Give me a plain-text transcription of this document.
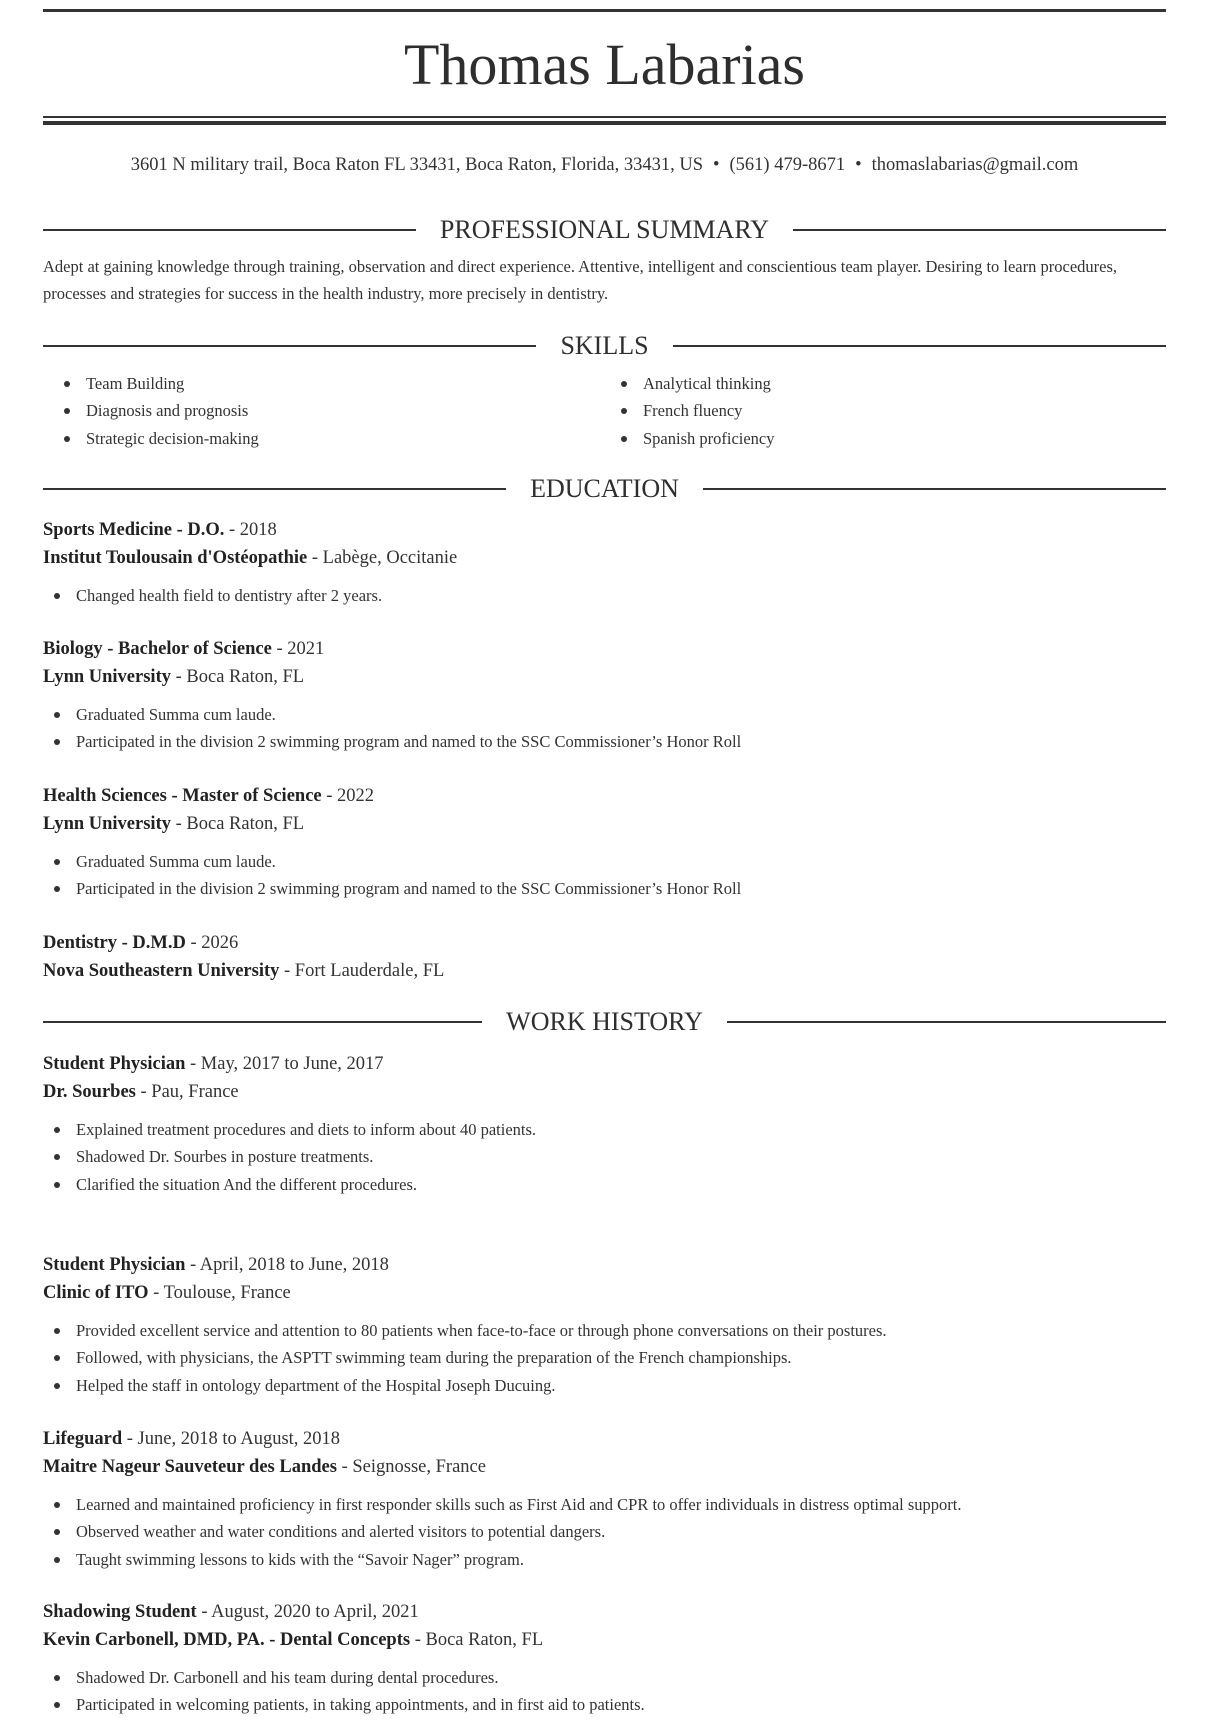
Thomas Labarias
3601 N military trail, Boca Raton FL 33431, Boca Raton, Florida, 33431, US • (561) 479-8671 • thomaslabarias@gmail.com
PROFESSIONAL SUMMARY

Adept at gaining knowledge through training, observation and direct experience. Attentive, intelligent and conscientious team player. Desiring to learn procedures, processes and strategies for success in the health industry, more precisely in dentistry.

SKILLS
Team Building
Diagnosis and prognosis
Strategic decision-making
Analytical thinking
French fluency
Spanish proficiency
EDUCATION
Sports Medicine - D.O. - 2018
Institut Toulousain d'Ostéopathie - Labège, Occitanie
Changed health field to dentistry after 2 years.
Biology - Bachelor of Science - 2021
Lynn University - Boca Raton, FL
Graduated Summa cum laude.
Participated in the division 2 swimming program and named to the SSC Commissioner’s Honor Roll
Health Sciences - Master of Science - 2022
Lynn University - Boca Raton, FL
Graduated Summa cum laude.
Participated in the division 2 swimming program and named to the SSC Commissioner’s Honor Roll
Dentistry - D.M.D - 2026
Nova Southeastern University - Fort Lauderdale, FL
WORK HISTORY
Student Physician - May, 2017 to June, 2017
Dr. Sourbes - Pau, France
Explained treatment procedures and diets to inform about 40 patients.
Shadowed Dr. Sourbes in posture treatments.
Clarified the situation And the different procedures.
Student Physician - April, 2018 to June, 2018
Clinic of ITO - Toulouse, France
Provided excellent service and attention to 80 patients when face-to-face or through phone conversations on their postures.
Followed, with physicians, the ASPTT swimming team during the preparation of the French championships.
Helped the staff in ontology department of the Hospital Joseph Ducuing.
Lifeguard - June, 2018 to August, 2018
Maitre Nageur Sauveteur des Landes - Seignosse, France
Learned and maintained proficiency in first responder skills such as First Aid and CPR to offer individuals in distress optimal support.
Observed weather and water conditions and alerted visitors to potential dangers.
Taught swimming lessons to kids with the “Savoir Nager” program.
Shadowing Student - August, 2020 to April, 2021
Kevin Carbonell, DMD, PA. - Dental Concepts - Boca Raton, FL
Shadowed Dr. Carbonell and his team during dental procedures.
Participated in welcoming patients, in taking appointments, and in first aid to patients.
